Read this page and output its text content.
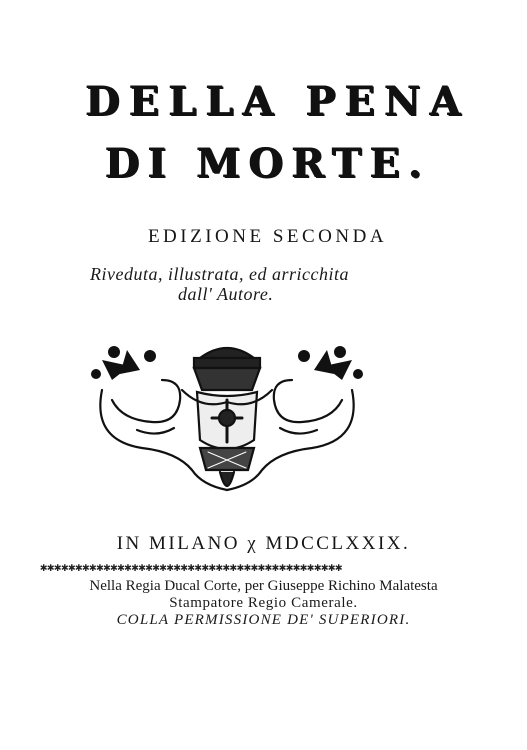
DELLA PENA
DI MORTE.
EDIZIONE SECONDA
Riveduta, illustrata, ed arricchita
dall' Autore.
IN MILANO χ MDCCLXXIX.
✱✱✱✱✱✱✱✱✱✱✱✱✱✱✱✱✱✱✱✱✱✱✱✱✱✱✱✱✱✱✱✱✱✱✱✱✱✱✱✱✱✱✱
Nella Regia Ducal Corte, per Giuseppe Richino Malatesta
Stampatore Regio Camerale.
COLLA PERMISSIONE DE' SUPERIORI.
